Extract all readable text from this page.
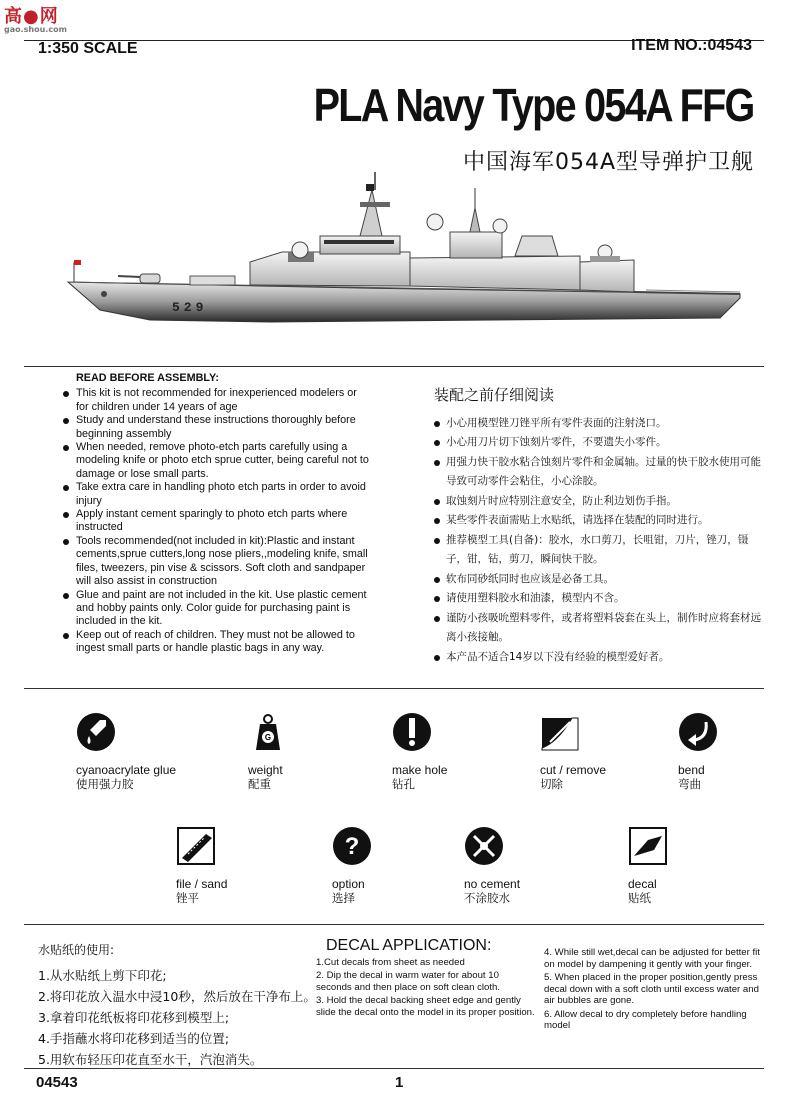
高●网
gao.shou.com
1:350 SCALE	ITEM NO.:04543
PLA Navy Type 054A FFG
中国海军054A型导弹护卫舰
529
READ BEFORE ASSEMBLY:
This kit is not recommended for inexperienced modelers or for children under 14 years of age
Study and understand these instructions thoroughly before beginning assembly
When needed, remove photo-etch parts carefully using a modeling knife or photo etch sprue cutter, being careful not to damage or lose small parts.
Take extra care in handling photo etch parts in order to avoid injury
Apply instant cement sparingly to photo etch parts where instructed
Tools recommended(not included in kit):Plastic and instant cements,sprue cutters,long nose pliers,,modeling knife, small files, tweezers, pin vise & scissors. Soft cloth and sandpaper will also assist in construction
Glue and paint are not included in the kit. Use plastic cement and hobby paints only. Color guide for purchasing paint is included in the kit.
Keep out of reach of children. They must not be allowed to ingest small parts or handle plastic bags in any way.
装配之前仔细阅读
小心用模型锉刀锉平所有零件表面的注射浇口。
小心用刀片切下蚀刻片零件，不要遗失小零件。
用强力快干胶水粘合蚀刻片零件和金属轴。过量的快干胶水使用可能导致可动零件会粘住，小心涂胶。
取蚀刻片时应特别注意安全，防止利边划伤手指。
某些零件表面需贴上水贴纸，请选择在装配的同时进行。
推荐模型工具(自备)：胶水，水口剪刀，长咀钳，刀片，锉刀，镊子，钳，钻，剪刀，瞬间快干胶。
软布同砂纸同时也应该是必备工具。
请使用塑料胶水和油漆，模型内不含。
谨防小孩吸吮塑料零件，或者将塑料袋套在头上，制作时应将套材远离小孩接触。
本产品不适合14岁以下没有经验的模型爱好者。
cyanoacrylate glue
使用强力胶
G
weight
配重
make hole
钻孔
cut / remove
切除
bend
弯曲
file / sand
锉平
?
option
选择
no cement
不涂胶水
decal
贴纸
水贴纸的使用:
1.从水贴纸上剪下印花;
2.将印花放入温水中浸10秒，然后放在干净布上。
3.拿着印花纸板将印花移到模型上;
4.手指蘸水将印花移到适当的位置;
5.用软布轻压印花直至水干，汽泡消失。
DECAL APPLICATION:

1.Cut decals from sheet as needed

2. Dip the decal in warm water for about 10 seconds and then place on soft clean cloth.

3. Hold the decal backing sheet edge and gently slide the decal onto the model in its proper position.

4. While still wet,decal can be adjusted for better fit on model by dampening it gently with your finger.

5. When placed in the proper position,gently press decal down with a soft cloth until excess water and air bubbles are gone.

6. Allow decal to dry completely before handling model

04543	1
